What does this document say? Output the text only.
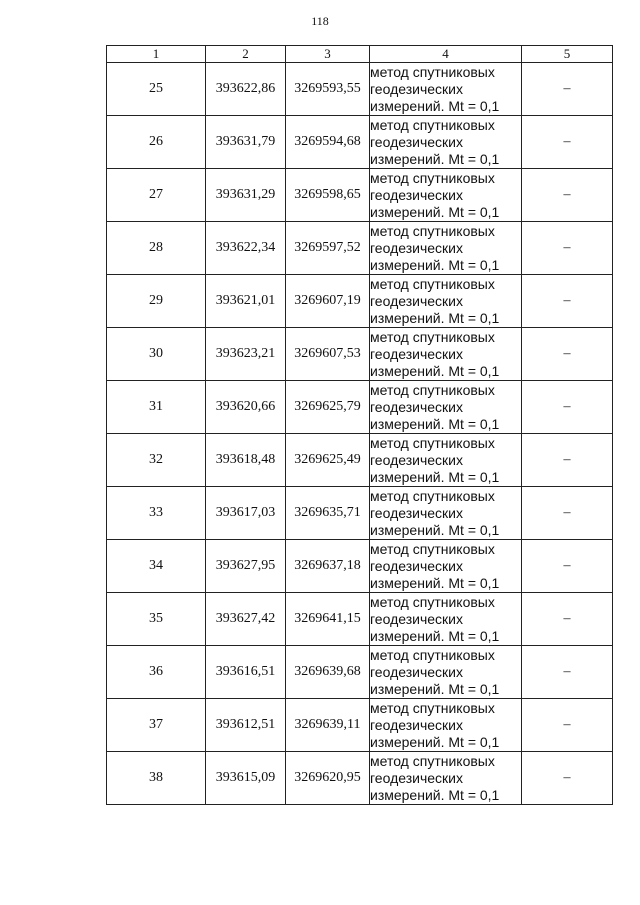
118
1	2	3	4	5
25	393622,86	3269593,55	метод спутниковых
геодезических
измерений. Mt = 0,1	–
26	393631,79	3269594,68	метод спутниковых
геодезических
измерений. Mt = 0,1	–
27	393631,29	3269598,65	метод спутниковых
геодезических
измерений. Mt = 0,1	–
28	393622,34	3269597,52	метод спутниковых
геодезических
измерений. Mt = 0,1	–
29	393621,01	3269607,19	метод спутниковых
геодезических
измерений. Mt = 0,1	–
30	393623,21	3269607,53	метод спутниковых
геодезических
измерений. Mt = 0,1	–
31	393620,66	3269625,79	метод спутниковых
геодезических
измерений. Mt = 0,1	–
32	393618,48	3269625,49	метод спутниковых
геодезических
измерений. Mt = 0,1	–
33	393617,03	3269635,71	метод спутниковых
геодезических
измерений. Mt = 0,1	–
34	393627,95	3269637,18	метод спутниковых
геодезических
измерений. Mt = 0,1	–
35	393627,42	3269641,15	метод спутниковых
геодезических
измерений. Mt = 0,1	–
36	393616,51	3269639,68	метод спутниковых
геодезических
измерений. Mt = 0,1	–
37	393612,51	3269639,11	метод спутниковых
геодезических
измерений. Mt = 0,1	–
38	393615,09	3269620,95	метод спутниковых
геодезических
измерений. Mt = 0,1	–
